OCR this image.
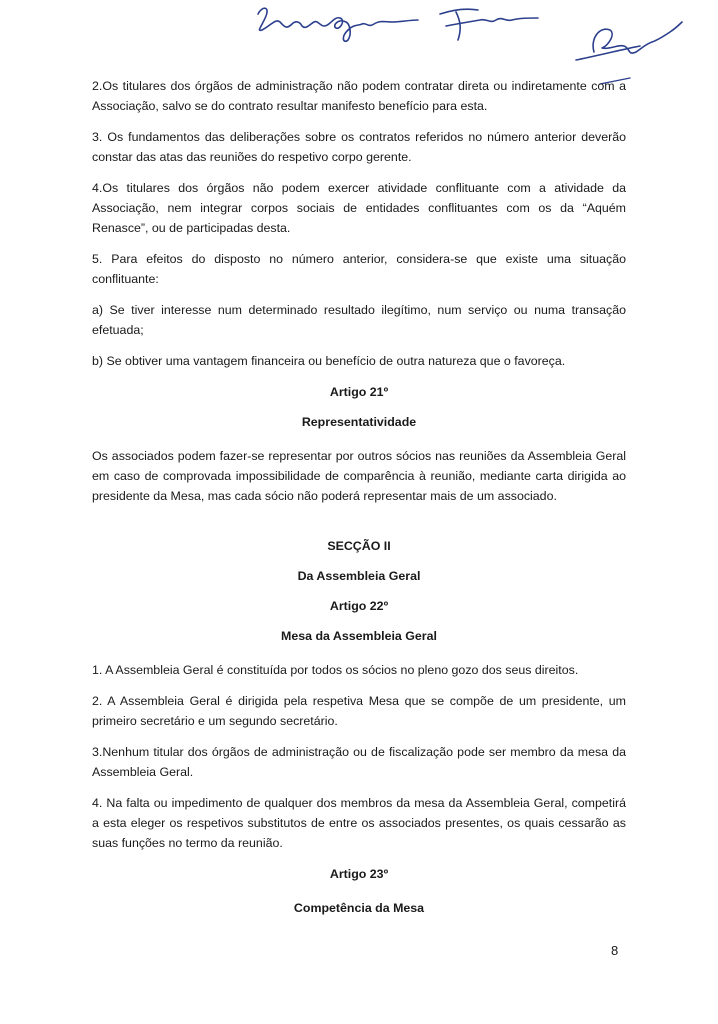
2.Os titulares dos órgãos de administração não podem contratar direta ou indiretamente com a Associação, salvo se do contrato resultar manifesto benefício para esta.

3. Os fundamentos das deliberações sobre os contratos referidos no número anterior deverão constar das atas das reuniões do respetivo corpo gerente.

4.Os titulares dos órgãos não podem exercer atividade conflituante com a atividade da Associação, nem integrar corpos sociais de entidades conflituantes com os da “Aquém Renasce”, ou de participadas desta.

5. Para efeitos do disposto no número anterior, considera-se que existe uma situação conflituante:

a) Se tiver interesse num determinado resultado ilegítimo, num serviço ou numa transação efetuada;

b) Se obtiver uma vantagem financeira ou benefício de outra natureza que o favoreça.

Artigo 21º

Representatividade

Os associados podem fazer-se representar por outros sócios nas reuniões da Assembleia Geral em caso de comprovada impossibilidade de comparência à reunião, mediante carta dirigida ao presidente da Mesa, mas cada sócio não poderá representar mais de um associado.

SECÇÃO II

Da Assembleia Geral

Artigo 22º

Mesa da Assembleia Geral

1. A Assembleia Geral é constituída por todos os sócios no pleno gozo dos seus direitos.

2. A Assembleia Geral é dirigida pela respetiva Mesa que se compõe de um presidente, um primeiro secretário e um segundo secretário.

3.Nenhum titular dos órgãos de administração ou de fiscalização pode ser membro da mesa da Assembleia Geral.

4. Na falta ou impedimento de qualquer dos membros da mesa da Assembleia Geral, competirá a esta eleger os respetivos substitutos de entre os associados presentes, os quais cessarão as suas funções no termo da reunião.

Artigo 23º

Competência da Mesa

8
